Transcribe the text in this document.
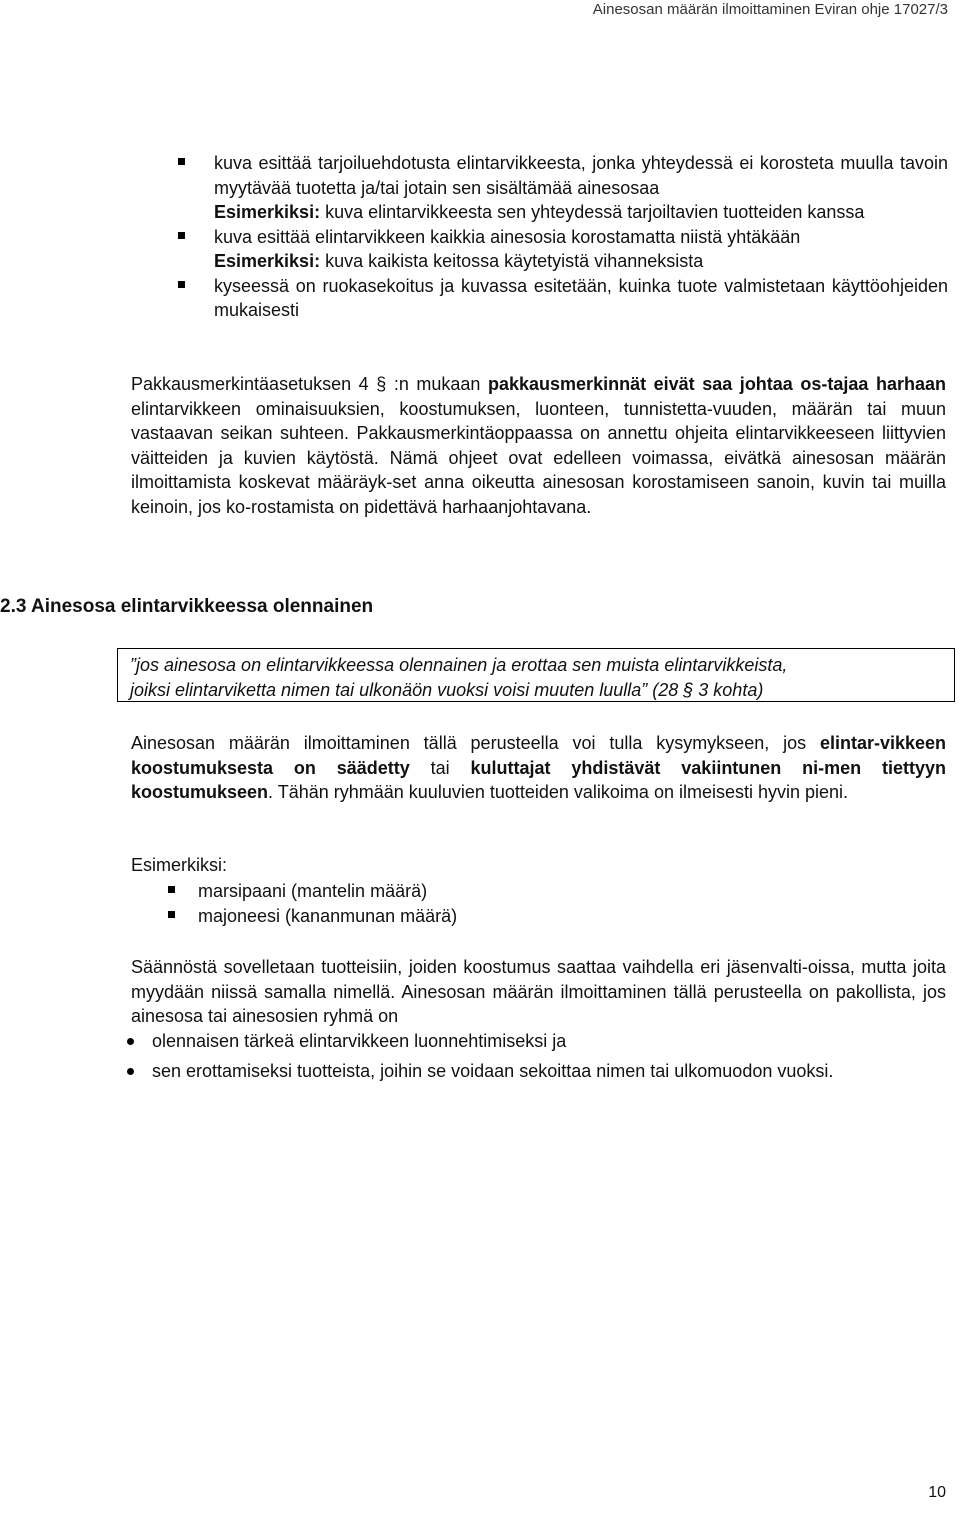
Ainesosan määrän ilmoittaminen Eviran ohje 17027/3
kuva esittää tarjoiluehdotusta elintarvikkeesta, jonka yhteydessä ei korosteta muulla tavoin myytävää tuotetta ja/tai jotain sen sisältämää ainesosaa
Esimerkiksi: kuva elintarvikkeesta sen yhteydessä tarjoiltavien tuotteiden kanssa
kuva esittää elintarvikkeen kaikkia ainesosia korostamatta niistä yhtäkään
Esimerkiksi: kuva kaikista keitossa käytetyistä vihanneksista
kyseessä on ruokasekoitus ja kuvassa esitetään, kuinka tuote valmistetaan käyttöohjeiden mukaisesti

Pakkausmerkintäasetuksen 4 § :n mukaan pakkausmerkinnät eivät saa johtaa os-tajaa harhaan elintarvikkeen ominaisuuksien, koostumuksen, luonteen, tunnistetta-vuuden, määrän tai muun vastaavan seikan suhteen. Pakkausmerkintäoppaassa on annettu ohjeita elintarvikkeeseen liittyvien väitteiden ja kuvien käytöstä. Nämä ohjeet ovat edelleen voimassa, eivätkä ainesosan määrän ilmoittamista koskevat määräyk-set anna oikeutta ainesosan korostamiseen sanoin, kuvin tai muilla keinoin, jos ko-rostamista on pidettävä harhaanjohtavana.

2.3 Ainesosa elintarvikkeessa olennainen
”jos ainesosa on elintarvikkeessa olennainen ja erottaa sen muista elintarvikkeista,
joiksi elintarviketta nimen tai ulkonäön vuoksi voisi muuten luulla” (28 § 3 kohta)

Ainesosan määrän ilmoittaminen tällä perusteella voi tulla kysymykseen, jos elintar-vikkeen koostumuksesta on säädetty tai kuluttajat yhdistävät vakiintunen ni-men tiettyyn koostumukseen. Tähän ryhmään kuuluvien tuotteiden valikoima on ilmeisesti hyvin pieni.

Esimerkiksi:

marsipaani (mantelin määrä)
majoneesi (kananmunan määrä)

Säännöstä sovelletaan tuotteisiin, joiden koostumus saattaa vaihdella eri jäsenvalti-oissa, mutta joita myydään niissä samalla nimellä. Ainesosan määrän ilmoittaminen tällä perusteella on pakollista, jos ainesosa tai ainesosien ryhmä on

olennaisen tärkeä elintarvikkeen luonnehtimiseksi ja
sen erottamiseksi tuotteista, joihin se voidaan sekoittaa nimen tai ulkomuodon vuoksi.
10
